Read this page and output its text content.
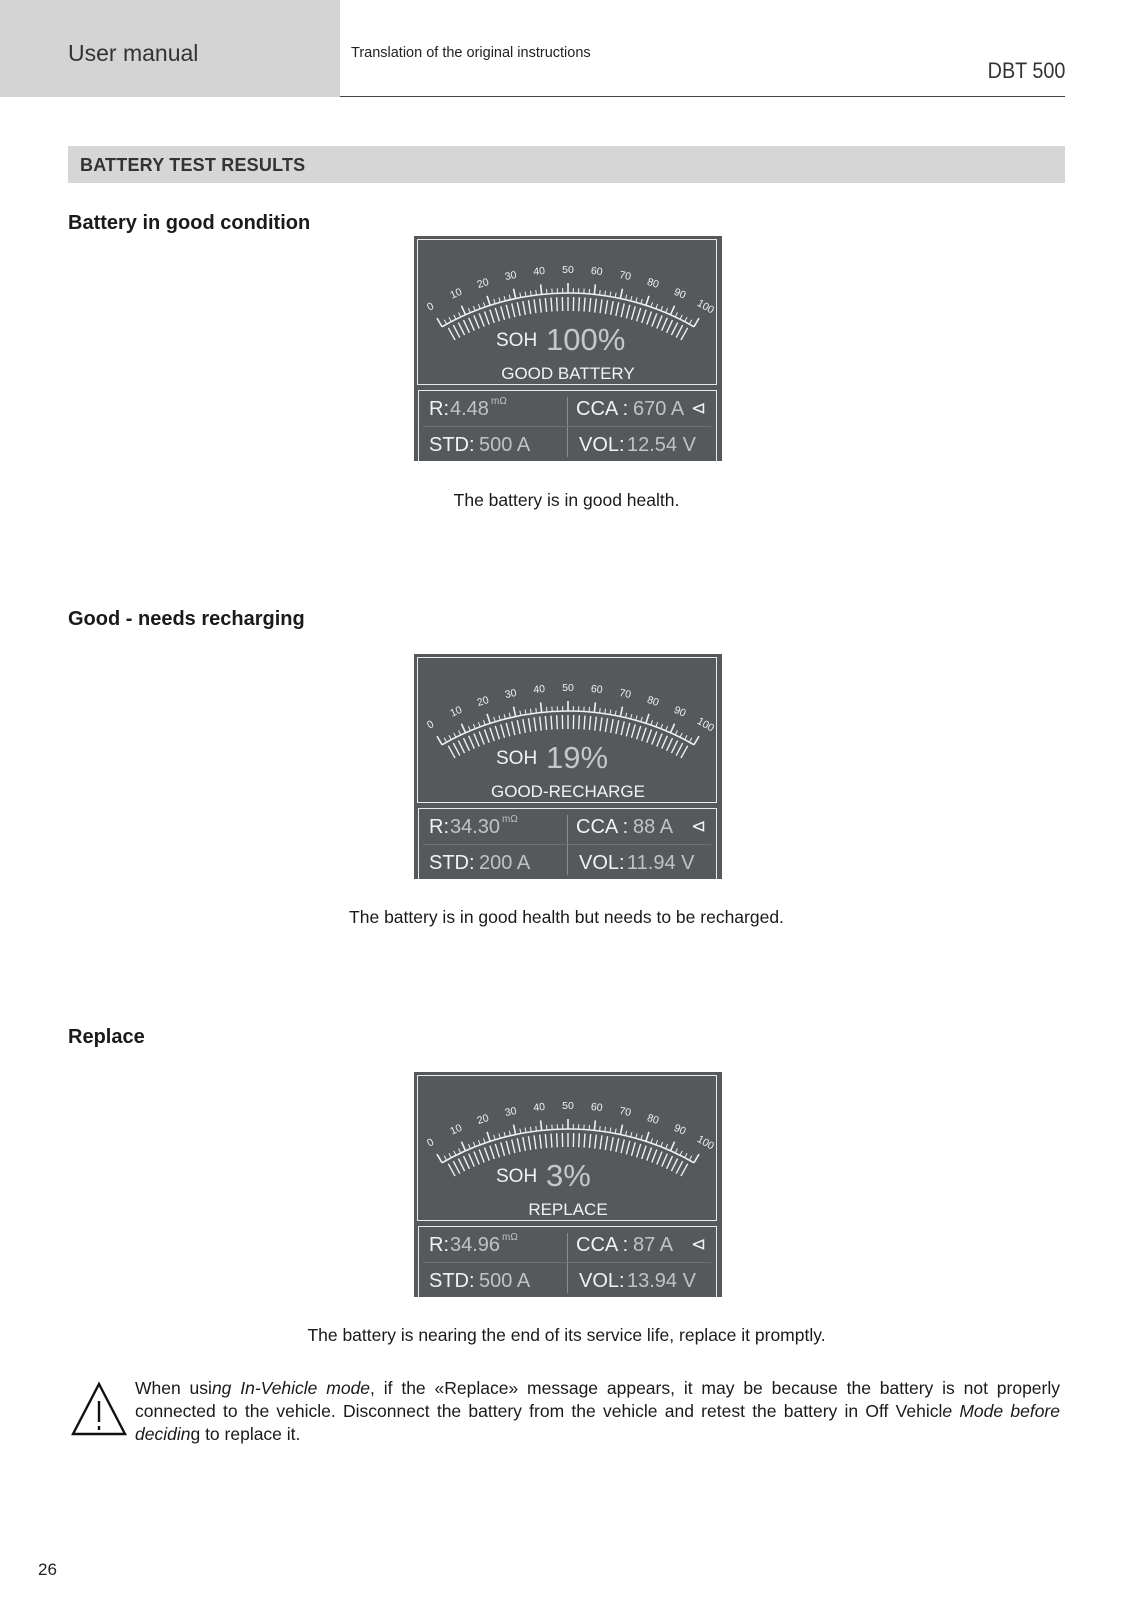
User manual	Translation of the original instructions
DBT 500
BATTERY TEST RESULTS
Battery in good condition
0
10
20 30 40 50 60 70 80
90
100
SOH 100%
GOOD BATTERY
R: 4.48 mΩ	CCA : 670 A ⊲
STD: 500 A VOL: 12.54 V
The battery is in good health.
Good - needs recharging
0
10
20 30 40 50 60 70 80
90
100
SOH 19%
GOOD-RECHARGE
R: 34.30 mΩ	CCA : 88 A ⊲
STD: 200 A VOL: 11.94 V
The battery is in good health but needs to be recharged.
Replace
0
10
20 30 40 50 60 70 80
90
100
SOH 3%
REPLACE
R: 34.96 mΩ	CCA : 87 A ⊲
STD: 500 A VOL: 13.94 V
The battery is nearing the end of its service life, replace it promptly.
When using In-Vehicle mode, if the «Replace» message appears, it may be because the battery is not properly connected to the vehicle. Disconnect the battery from the vehicle and retest the battery in Off Vehicle Mode before deciding to replace it.
26
